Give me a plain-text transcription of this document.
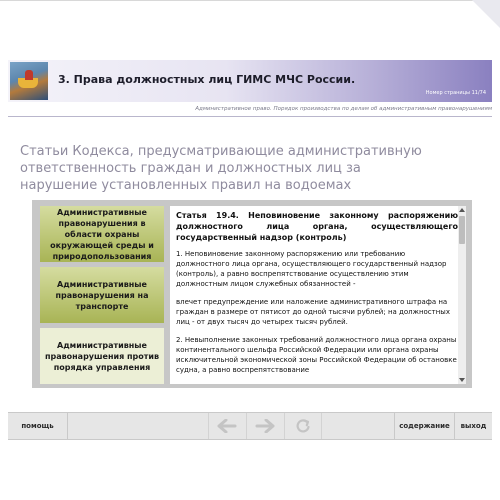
3. Права должностных лиц ГИМС МЧС России.
Номер страницы 11/74
Административное право. Порядок производства по делам об административным правонарушениям
Статьи Кодекса, предусматривающие административную ответственность граждан и должностных лиц за нарушение установленных правил на водоемах
Административные правонарушения в области охраны окружающей среды и природопользования
Административные правонарушения на транспорте
Административные правонарушения против порядка управления
Статья 19.4. Неповиновение законному распоряжению должностного лица органа, осуществляющего государственный надзор (контроль)

1. Неповиновение законному распоряжению или требованию должностного лица органа, осуществляющего государственный надзор (контроль), а равно воспрепятствование осуществлению этим должностным лицом служебных обязанностей -

влечет предупреждение или наложение административного штрафа на граждан в размере от пятисот до одной тысячи рублей; на должностных лиц - от двух тысяч до четырех тысяч рублей.

2. Невыполнение законных требований должностного лица органа охраны континентального шельфа Российской Федерации или органа охраны исключительной экономической зоны Российской Федерации об остановке судна, а равно воспрепятствование

помощь	содержание	выход
